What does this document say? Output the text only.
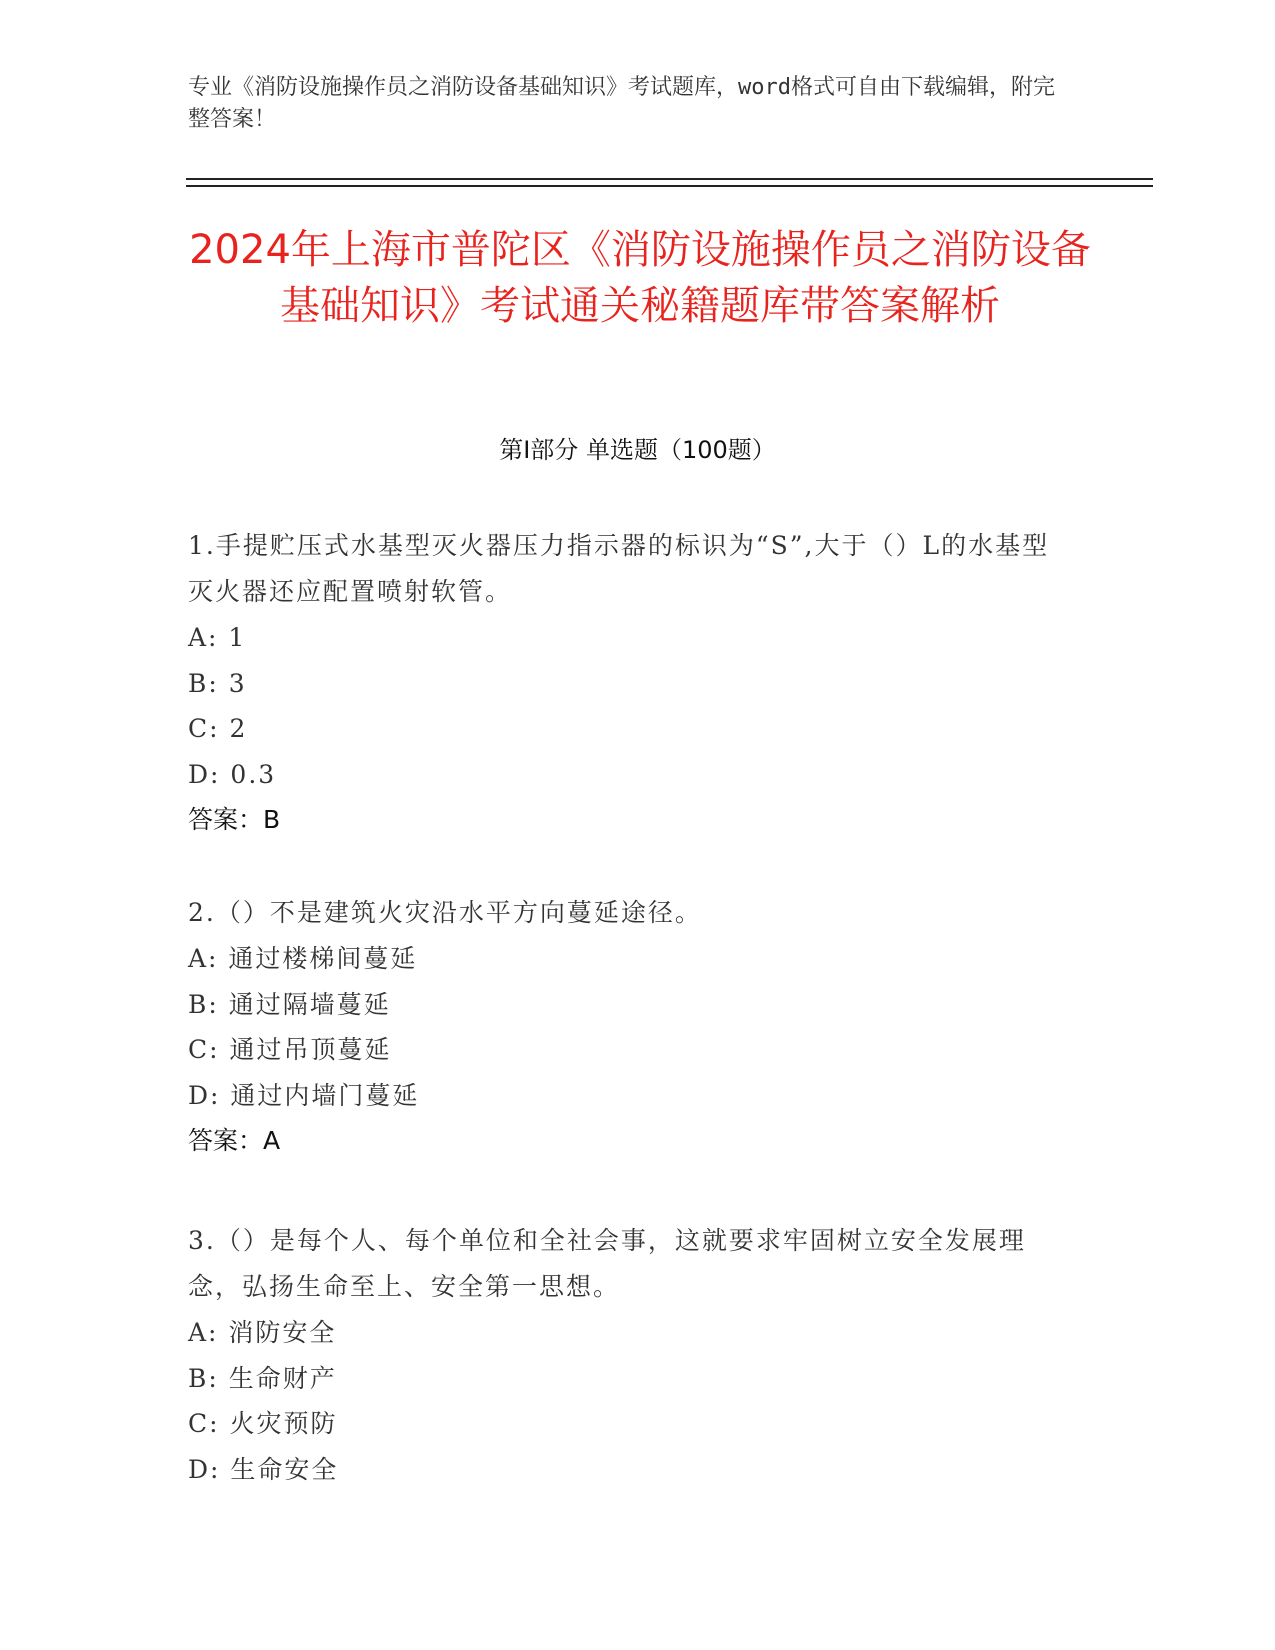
专业《消防设施操作员之消防设备基础知识》考试题库，word格式可自由下载编辑，附完整答案！
2024年上海市普陀区《消防设施操作员之消防设备基础知识》考试通关秘籍题库带答案解析
第I部分 单选题（100题）
1.手提贮压式水基型灭火器压力指示器的标识为“S”,大于（）L的水基型灭火器还应配置喷射软管。
A: 1
B: 3
C: 2
D: 0.3
答案：B
2.（）不是建筑火灾沿水平方向蔓延途径。
A: 通过楼梯间蔓延
B: 通过隔墙蔓延
C: 通过吊顶蔓延
D: 通过内墙门蔓延
答案：A
3.（）是每个人、每个单位和全社会事，这就要求牢固树立安全发展理念，弘扬生命至上、安全第一思想。
A: 消防安全
B: 生命财产
C: 火灾预防
D: 生命安全
